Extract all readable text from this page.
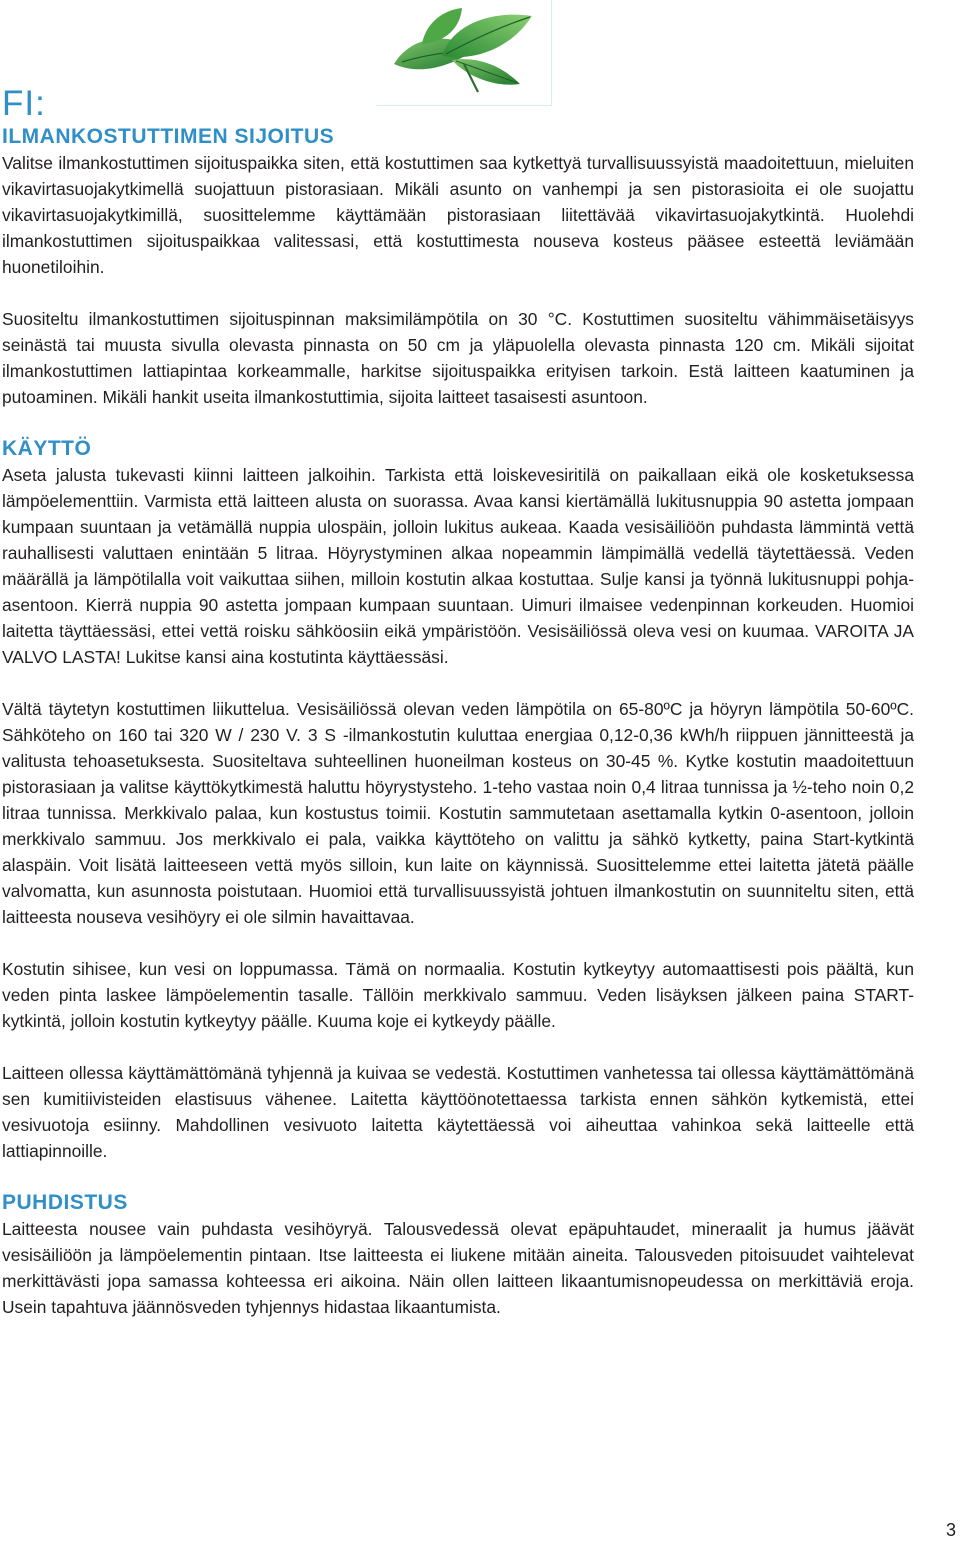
FI:
ILMANKOSTUTTIMEN SIJOITUS

Valitse ilmankostuttimen sijoituspaikka siten, että kostuttimen saa kytkettyä turvallisuussyistä maadoitettuun, mieluiten vikavirtasuojakytkimellä suojattuun pistorasiaan. Mikäli asunto on vanhempi ja sen pistorasioita ei ole suojattu vikavirtasuojakytkimillä, suosittelemme käyttämään pistorasiaan liitettävää vikavirtasuojakytkintä. Huolehdi ilmankostuttimen sijoituspaikkaa valitessasi, että kostuttimesta nouseva kosteus pääsee esteettä leviämään huonetiloihin.

Suositeltu ilmankostuttimen sijoituspinnan maksimilämpötila on 30 °C. Kostuttimen suositeltu vähimmäisetäisyys seinästä tai muusta sivulla olevasta pinnasta on 50 cm ja yläpuolella olevasta pinnasta 120 cm. Mikäli sijoitat ilmankostuttimen lattiapintaa korkeammalle, harkitse sijoituspaikka erityisen tarkoin. Estä laitteen kaatuminen ja putoaminen. Mikäli hankit useita ilmankostuttimia, sijoita laitteet tasaisesti asuntoon.

KÄYTTÖ

Aseta jalusta tukevasti kiinni laitteen jalkoihin. Tarkista että loiskevesiritilä on paikallaan eikä ole kosketuksessa lämpöelementtiin. Varmista että laitteen alusta on suorassa. Avaa kansi kiertämällä lukitusnuppia 90 astetta jompaan kumpaan suuntaan ja vetämällä nuppia ulospäin, jolloin lukitus aukeaa. Kaada vesisäiliöön puhdasta lämmintä vettä rauhallisesti valuttaen enintään 5 litraa. Höyrystyminen alkaa nopeammin lämpimällä vedellä täytettäessä. Veden määrällä ja lämpötilalla voit vaikuttaa siihen, milloin kostutin alkaa kostuttaa. Sulje kansi ja työnnä lukitusnuppi pohja-asentoon. Kierrä nuppia 90 astetta jompaan kumpaan suuntaan. Uimuri ilmaisee vedenpinnan korkeuden. Huomioi laitetta täyttäessäsi, ettei vettä roisku sähköosiin eikä ympäristöön. Vesisäiliössä oleva vesi on kuumaa. VAROITA JA VALVO LASTA! Lukitse kansi aina kostutinta käyttäessäsi.

Vältä täytetyn kostuttimen liikuttelua. Vesisäiliössä olevan veden lämpötila on 65-80ºC ja höyryn lämpötila 50-60ºC. Sähköteho on 160 tai 320 W / 230 V. 3 S -ilmankostutin kuluttaa energiaa 0,12-0,36 kWh/h riippuen jännitteestä ja valitusta tehoasetuksesta. Suositeltava suhteellinen huoneilman kosteus on 30-45 %. Kytke kostutin maadoitettuun pistorasiaan ja valitse käyttökytkimestä haluttu höyrystysteho. 1-teho vastaa noin 0,4 litraa tunnissa ja ½-teho noin 0,2 litraa tunnissa. Merkkivalo palaa, kun kostustus toimii. Kostutin sammutetaan asettamalla kytkin 0-asentoon, jolloin merkkivalo sammuu. Jos merkkivalo ei pala, vaikka käyttöteho on valittu ja sähkö kytketty, paina Start-kytkintä alaspäin. Voit lisätä laitteeseen vettä myös silloin, kun laite on käynnissä. Suosittelemme ettei laitetta jätetä päälle valvomatta, kun asunnosta poistutaan. Huomioi että turvallisuussyistä johtuen ilmankostutin on suunniteltu siten, että laitteesta nouseva vesihöyry ei ole silmin havaittavaa.

Kostutin sihisee, kun vesi on loppumassa. Tämä on normaalia. Kostutin kytkeytyy automaattisesti pois päältä, kun veden pinta laskee lämpöelementin tasalle. Tällöin merkkivalo sammuu. Veden lisäyksen jälkeen paina START-kytkintä, jolloin kostutin kytkeytyy päälle. Kuuma koje ei kytkeydy päälle.

Laitteen ollessa käyttämättömänä tyhjennä ja kuivaa se vedestä. Kostuttimen vanhetessa tai ollessa käyttämättömänä sen kumitiivisteiden elastisuus vähenee. Laitetta käyttöönotettaessa tarkista ennen sähkön kytkemistä, ettei vesivuotoja esiinny. Mahdollinen vesivuoto laitetta käytettäessä voi aiheuttaa vahinkoa sekä laitteelle että lattiapinnoille.

PUHDISTUS

Laitteesta nousee vain puhdasta vesihöyryä. Talousvedessä olevat epäpuhtaudet, mineraalit ja humus jäävät vesisäiliöön ja lämpöelementin pintaan. Itse laitteesta ei liukene mitään aineita. Talousveden pitoisuudet vaihtelevat merkittävästi jopa samassa kohteessa eri aikoina. Näin ollen laitteen likaantumisnopeudessa on merkittäviä eroja. Usein tapahtuva jäännösveden tyhjennys hidastaa likaantumista.

3
